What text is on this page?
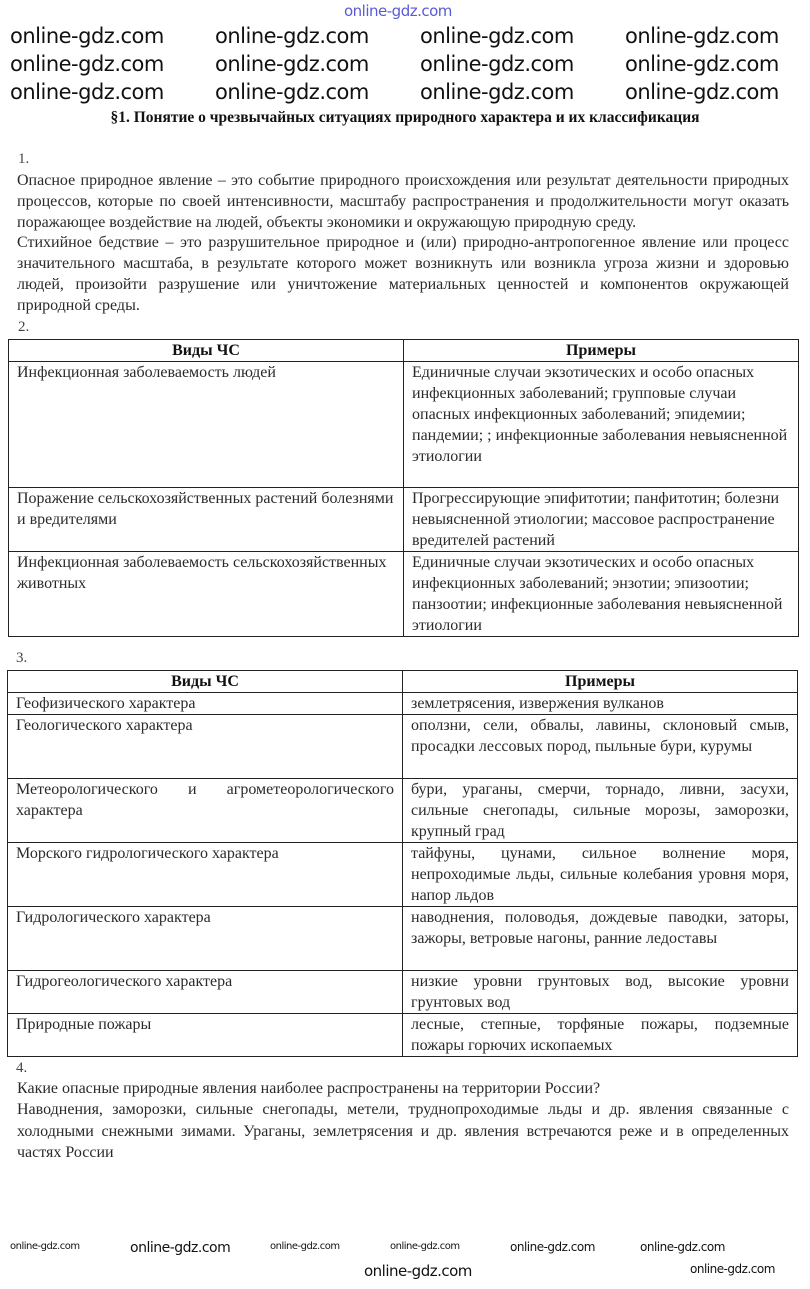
§1. Понятие о чрезвычайных ситуациях природного характера и их классификация
1.
Опасное природное явление – это событие природного происхождения или результат деятельности природных процессов, которые по своей интенсивности, масштабу распространения и продолжительности могут оказать поражающее воздействие на людей, объекты экономики и окружающую природную среду.
Стихийное бедствие – это разрушительное природное и (или) природно-антропогенное явление или процесс значительного масштаба, в результате которого может возникнуть или возникла угроза жизни и здоровью людей, произойти разрушение или уничтожение материальных ценностей и компонентов окружающей природной среды.
2.
Виды ЧС	Примеры
Инфекционная заболеваемость людей	Единичные случаи экзотических и особо опасных инфекционных заболеваний; групповые случаи опасных инфекционных заболеваний; эпидемии; пандемии; ; инфекционные заболевания невыясненной этиологии
Поражение сельскохозяйственных растений болезнями и вредителями	Прогрессирующие эпифитотии; панфитотин; болезни невыясненной этиологии; массовое распространение вредителей растений
Инфекционная заболеваемость сельскохозяйственных животных	Единичные случаи экзотических и особо опасных инфекционных заболеваний; энзотии; эпизоотии; панзоотии; инфекционные заболевания невыясненной этиологии
3.
Виды ЧС	Примеры
Геофизического характера	землетрясения, извержения вулканов
Геологического характера	оползни, сели, обвалы, лавины, склоновый смыв, просадки лессовых пород, пыльные бури, курумы
Метеорологического и агрометеорологического характера	бури, ураганы, смерчи, торнадо, ливни, засухи, сильные снегопады, сильные морозы, заморозки, крупный град
Морского гидрологического характера	тайфуны, цунами, сильное волнение моря, непроходимые льды, сильные колебания уровня моря, напор льдов
Гидрологического характера	наводнения, половодья, дождевые паводки, заторы, зажоры, ветровые нагоны, ранние ледоставы
Гидрогеологического характера	низкие уровни грунтовых вод, высокие уровни грунтовых вод
Природные пожары	лесные, степные, торфяные пожары, подземные пожары горючих ископаемых
4.
Какие опасные природные явления наиболее распространены на территории России?
Наводнения, заморозки, сильные снегопады, метели, труднопроходимые льды и др. явления связанные с холодными снежными зимами. Ураганы, землетрясения и др. явления встречаются реже и в определенных частях России
online-gdz.com
online-gdz.com online-gdz.com
online-gdz.com
online-gdz.com
online-gdz.com online-gdz.com
online-gdz.com online-gdz.com online-gdz.com online-gdz.com
online-gdz.com
online-gdz.com
online-gdz.com
online-gdz.com
online-gdz.com
online-gdz.com online-gdz.com
online-gdz.com	online-gdz.com
online-gdz.com
